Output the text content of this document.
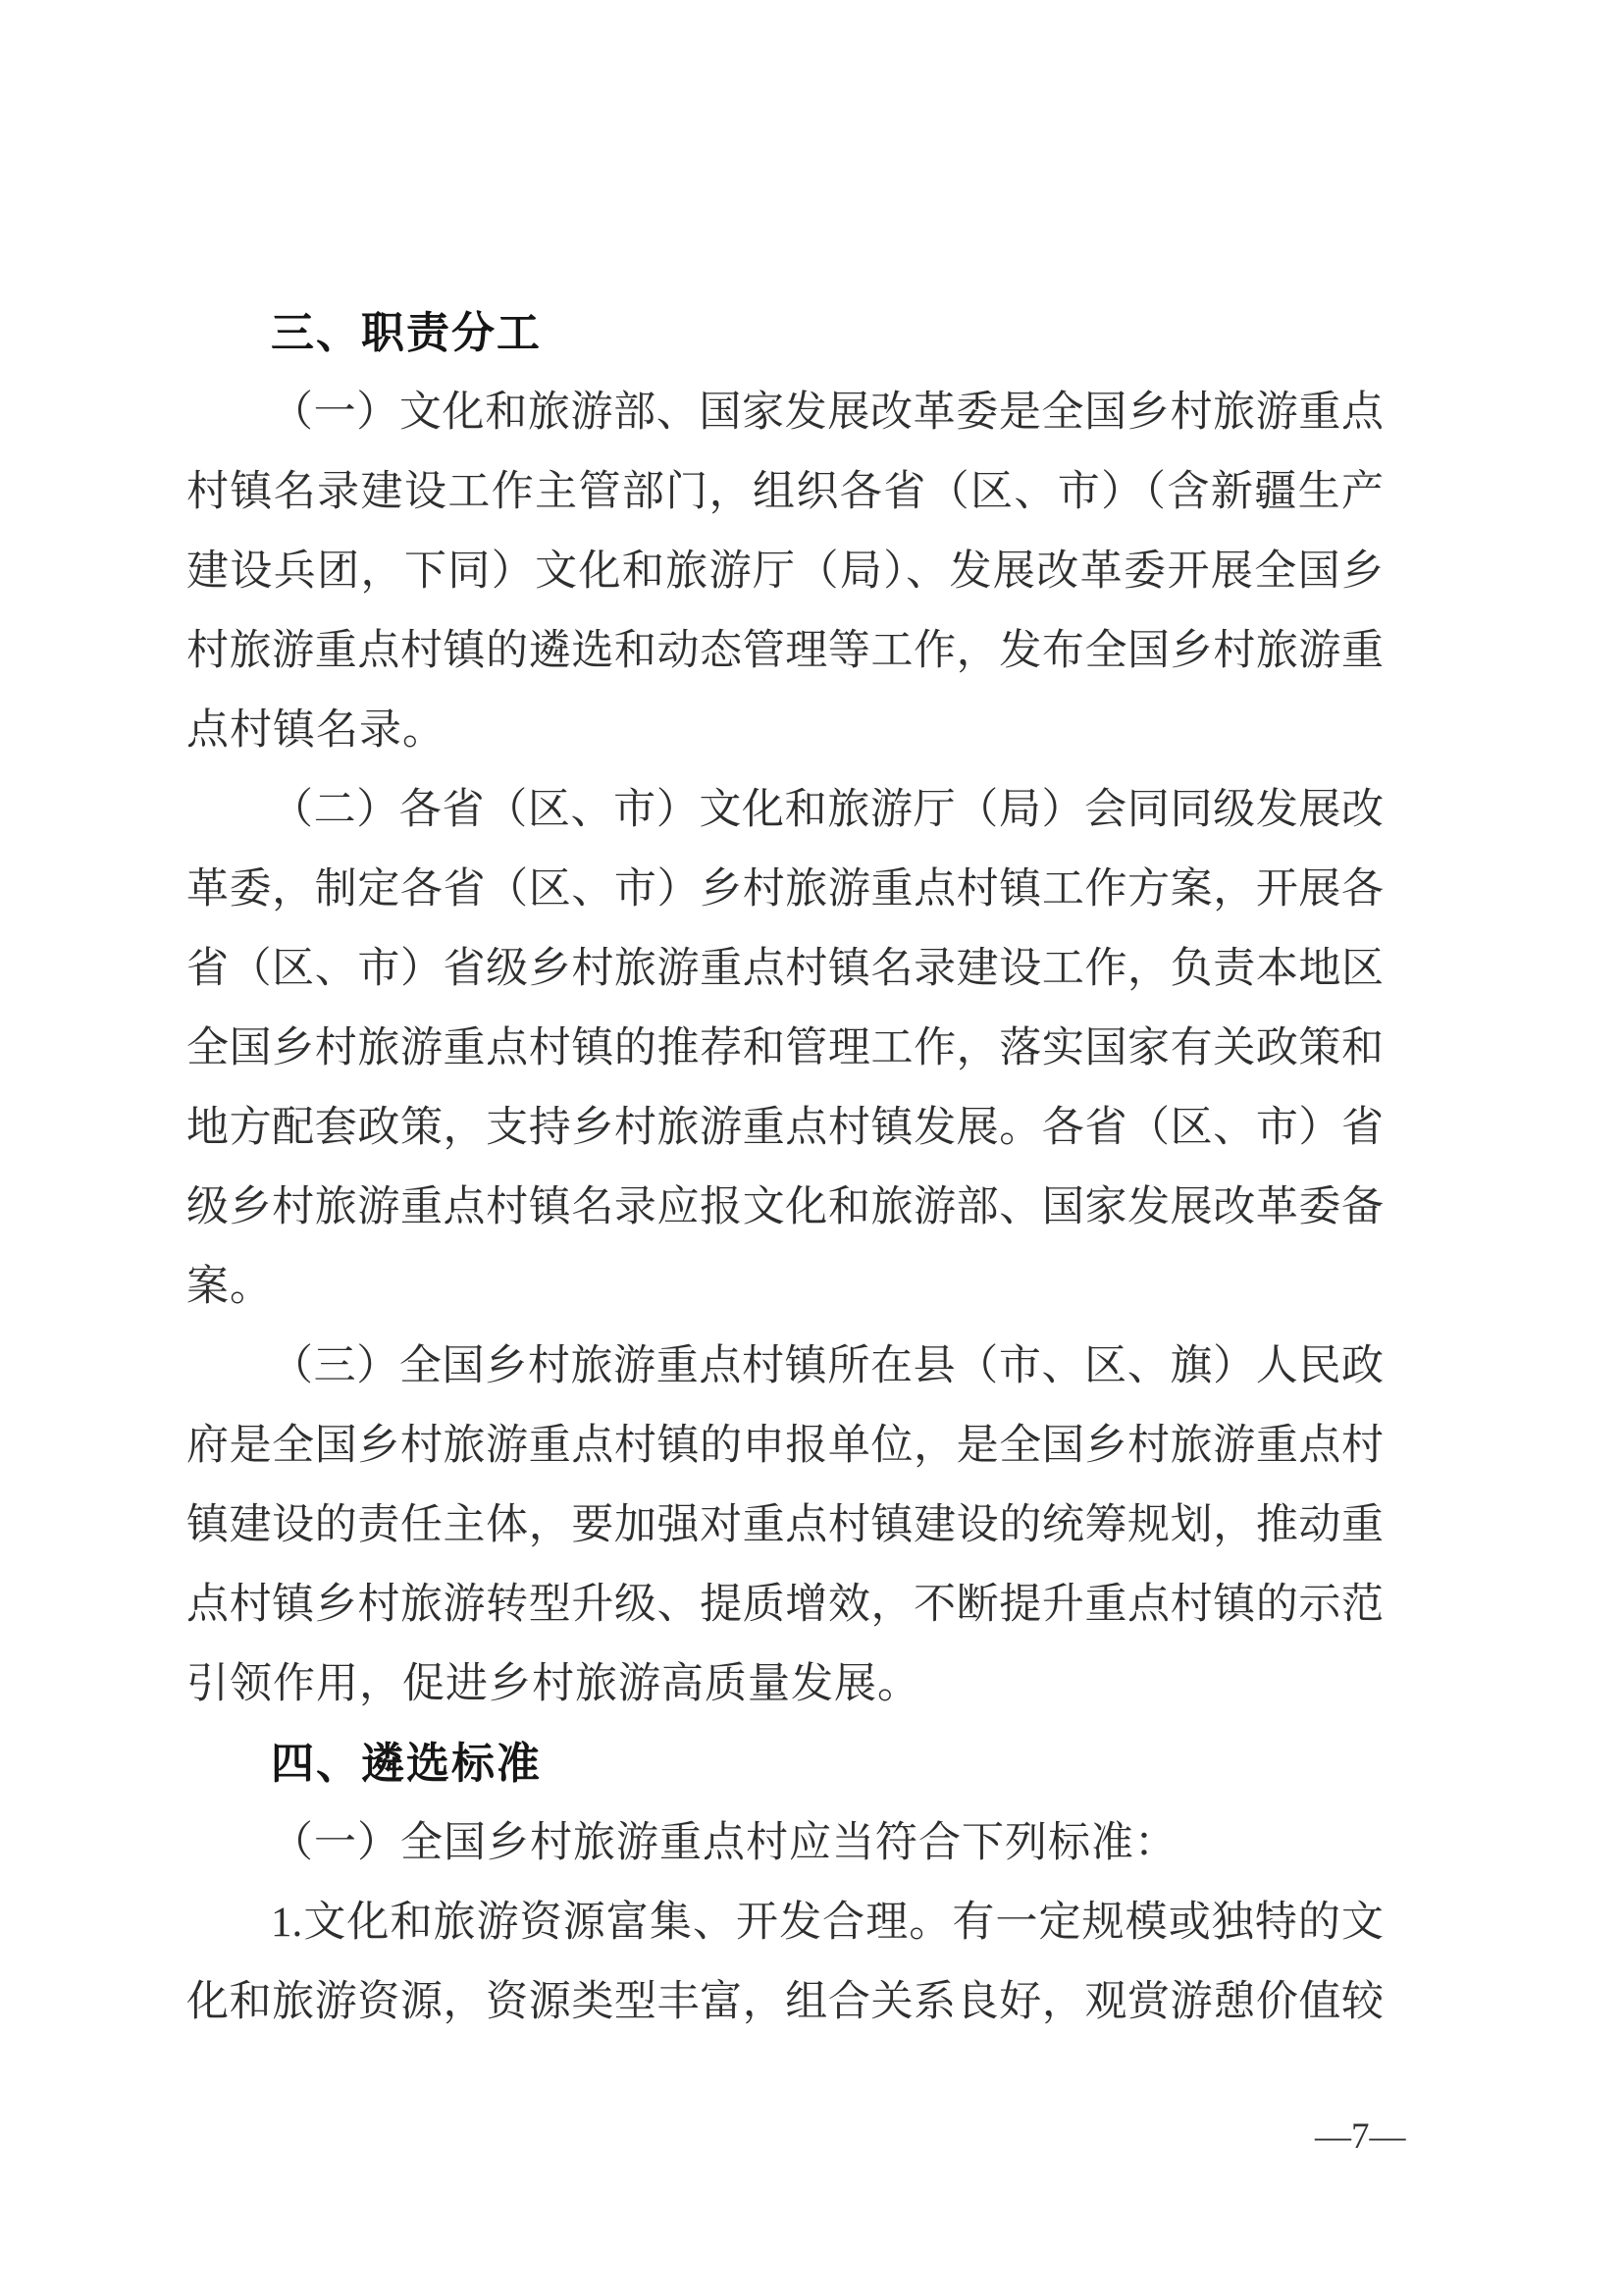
三、职责分工
（一）文化和旅游部、国家发展改革委是全国乡村旅游重点
村镇名录建设工作主管部门，组织各省（区、市）（含新疆生产
建设兵团，下同）文化和旅游厅（局）、发展改革委开展全国乡
村旅游重点村镇的遴选和动态管理等工作，发布全国乡村旅游重
点村镇名录。
（二）各省（区、市）文化和旅游厅（局）会同同级发展改
革委，制定各省（区、市）乡村旅游重点村镇工作方案，开展各
省（区、市）省级乡村旅游重点村镇名录建设工作，负责本地区
全国乡村旅游重点村镇的推荐和管理工作，落实国家有关政策和
地方配套政策，支持乡村旅游重点村镇发展。各省（区、市）省
级乡村旅游重点村镇名录应报文化和旅游部、国家发展改革委备
案。
（三）全国乡村旅游重点村镇所在县（市、区、旗）人民政
府是全国乡村旅游重点村镇的申报单位，是全国乡村旅游重点村
镇建设的责任主体，要加强对重点村镇建设的统筹规划，推动重
点村镇乡村旅游转型升级、提质增效，不断提升重点村镇的示范
引领作用，促进乡村旅游高质量发展。
四、遴选标准
（一）全国乡村旅游重点村应当符合下列标准：
1.文化和旅游资源富集、开发合理。有一定规模或独特的文
化和旅游资源，资源类型丰富，组合关系良好，观赏游憩价值较
—7—
